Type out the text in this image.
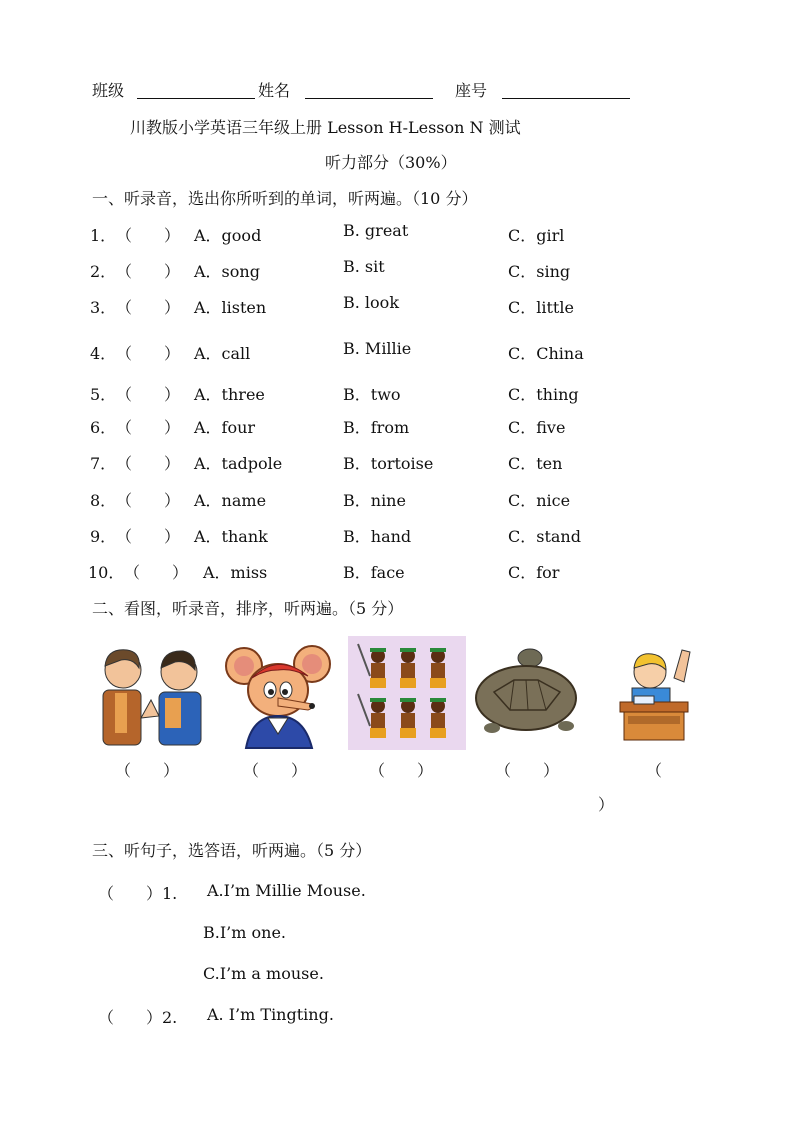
班级	姓名	座号
川教版小学英语三年级上册 Lesson H-Lesson N 测试
听力部分（30%）
一、听录音，选出你所听到的单词，听两遍。（10 分）
1． （　　） A．good	B. great	C．girl
2． （　　） A．song	B. sit	C．sing
3． （　　） A．listen	B. look	C．little
4． （　　） A．call	B. Millie	C．China
5． （　　） A．three	B．two	C．thing
6． （　　） A．four	B．from	C．five
7． （　　） A．tadpole	B．tortoise	C．ten
8． （　　） A．name	B．nine	C．nice
9． （　　） A．thank	B．hand	C．stand
10． （　　） A．miss	B．face	C．for
二、看图，听录音，排序，听两遍。（5 分）
（　　）	（　　）	（　　）	（　　）	（
）
三、听句子，选答语，听两遍。（5 分）
（　　）1. A.I’m Millie Mouse.
B.I’m one.
C.I’m a mouse.
（　　）2. A. I’m Tingting.
